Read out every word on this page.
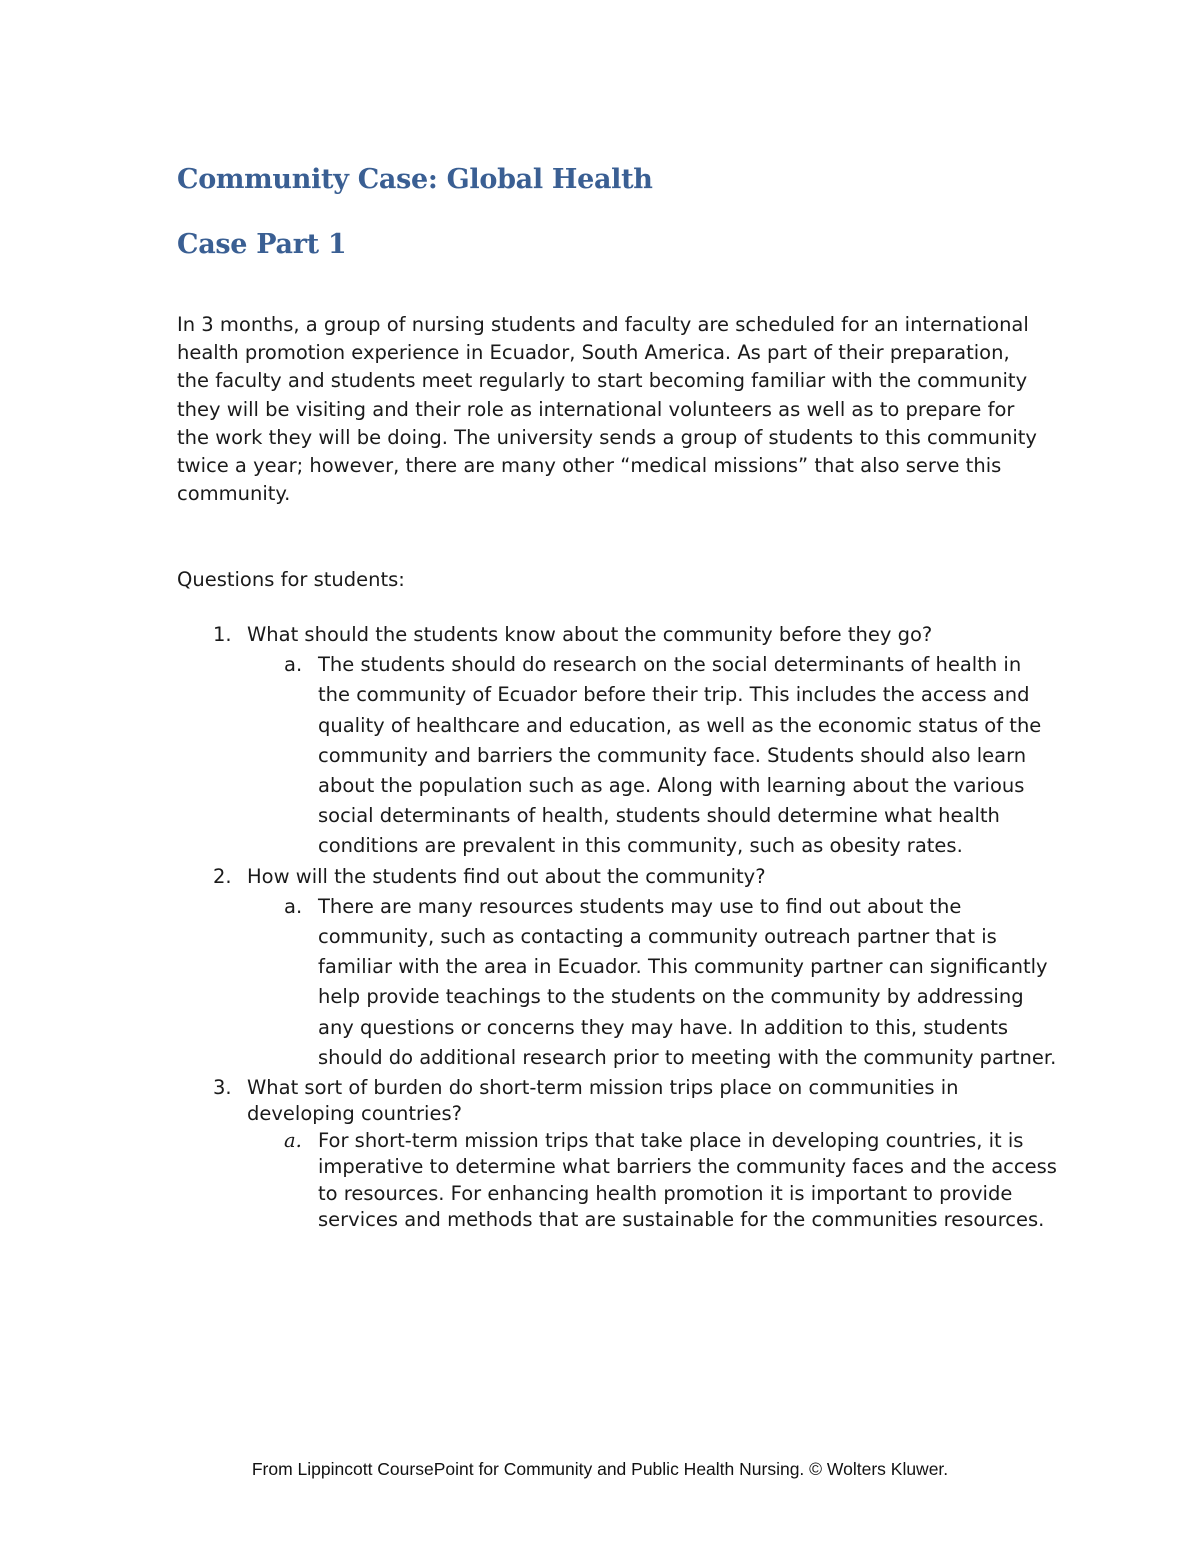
Community Case: Global Health
Case Part 1

In 3 months, a group of nursing students and faculty are scheduled for an international health promotion experience in Ecuador, South America. As part of their preparation, the faculty and students meet regularly to start becoming familiar with the community they will be visiting and their role as international volunteers as well as to prepare for the work they will be doing. The university sends a group of students to this community twice a year; however, there are many other “medical missions” that also serve this community.

Questions for students:

1. What should the students know about the community before they go?
a. The students should do research on the social determinants of health in the community of Ecuador before their trip. This includes the access and quality of healthcare and education, as well as the economic status of the community and barriers the community face. Students should also learn about the population such as age. Along with learning about the various social determinants of health, students should determine what health conditions are prevalent in this community, such as obesity rates.
2. How will the students find out about the community?
a. There are many resources students may use to find out about the community, such as contacting a community outreach partner that is familiar with the area in Ecuador. This community partner can significantly help provide teachings to the students on the community by addressing any questions or concerns they may have. In addition to this, students should do additional research prior to meeting with the community partner.
3. What sort of burden do short-term mission trips place on communities in developing countries?
a. For short-term mission trips that take place in developing countries, it is imperative to determine what barriers the community faces and the access to resources. For enhancing health promotion it is important to provide services and methods that are sustainable for the communities resources.

From Lippincott CoursePoint for Community and Public Health Nursing. © Wolters Kluwer.
